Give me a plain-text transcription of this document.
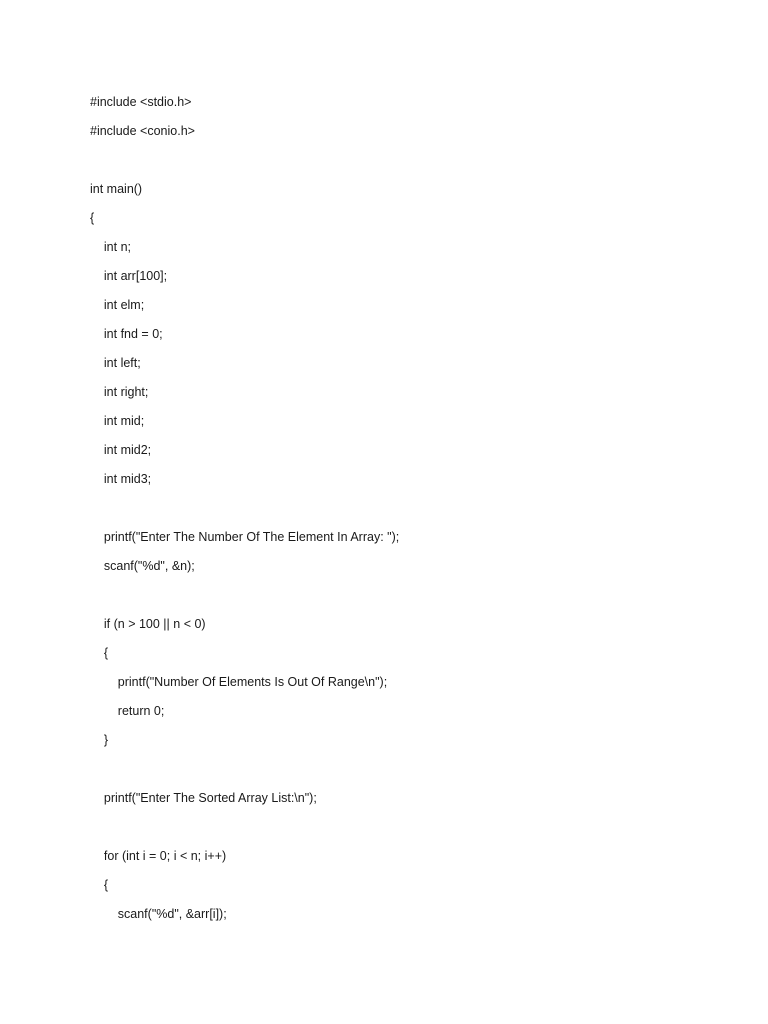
#include <stdio.h>
#include <conio.h>
int main()
{
int n;
int arr[100];
int elm;
int fnd = 0;
int left;
int right;
int mid;
int mid2;
int mid3;
printf("Enter The Number Of The Element In Array: ");
scanf("%d", &n);
if (n > 100 || n < 0)
{
printf("Number Of Elements Is Out Of Range\n");
return 0;
}
printf("Enter The Sorted Array List:\n");
for (int i = 0; i < n; i++)
{
scanf("%d", &arr[i]);
